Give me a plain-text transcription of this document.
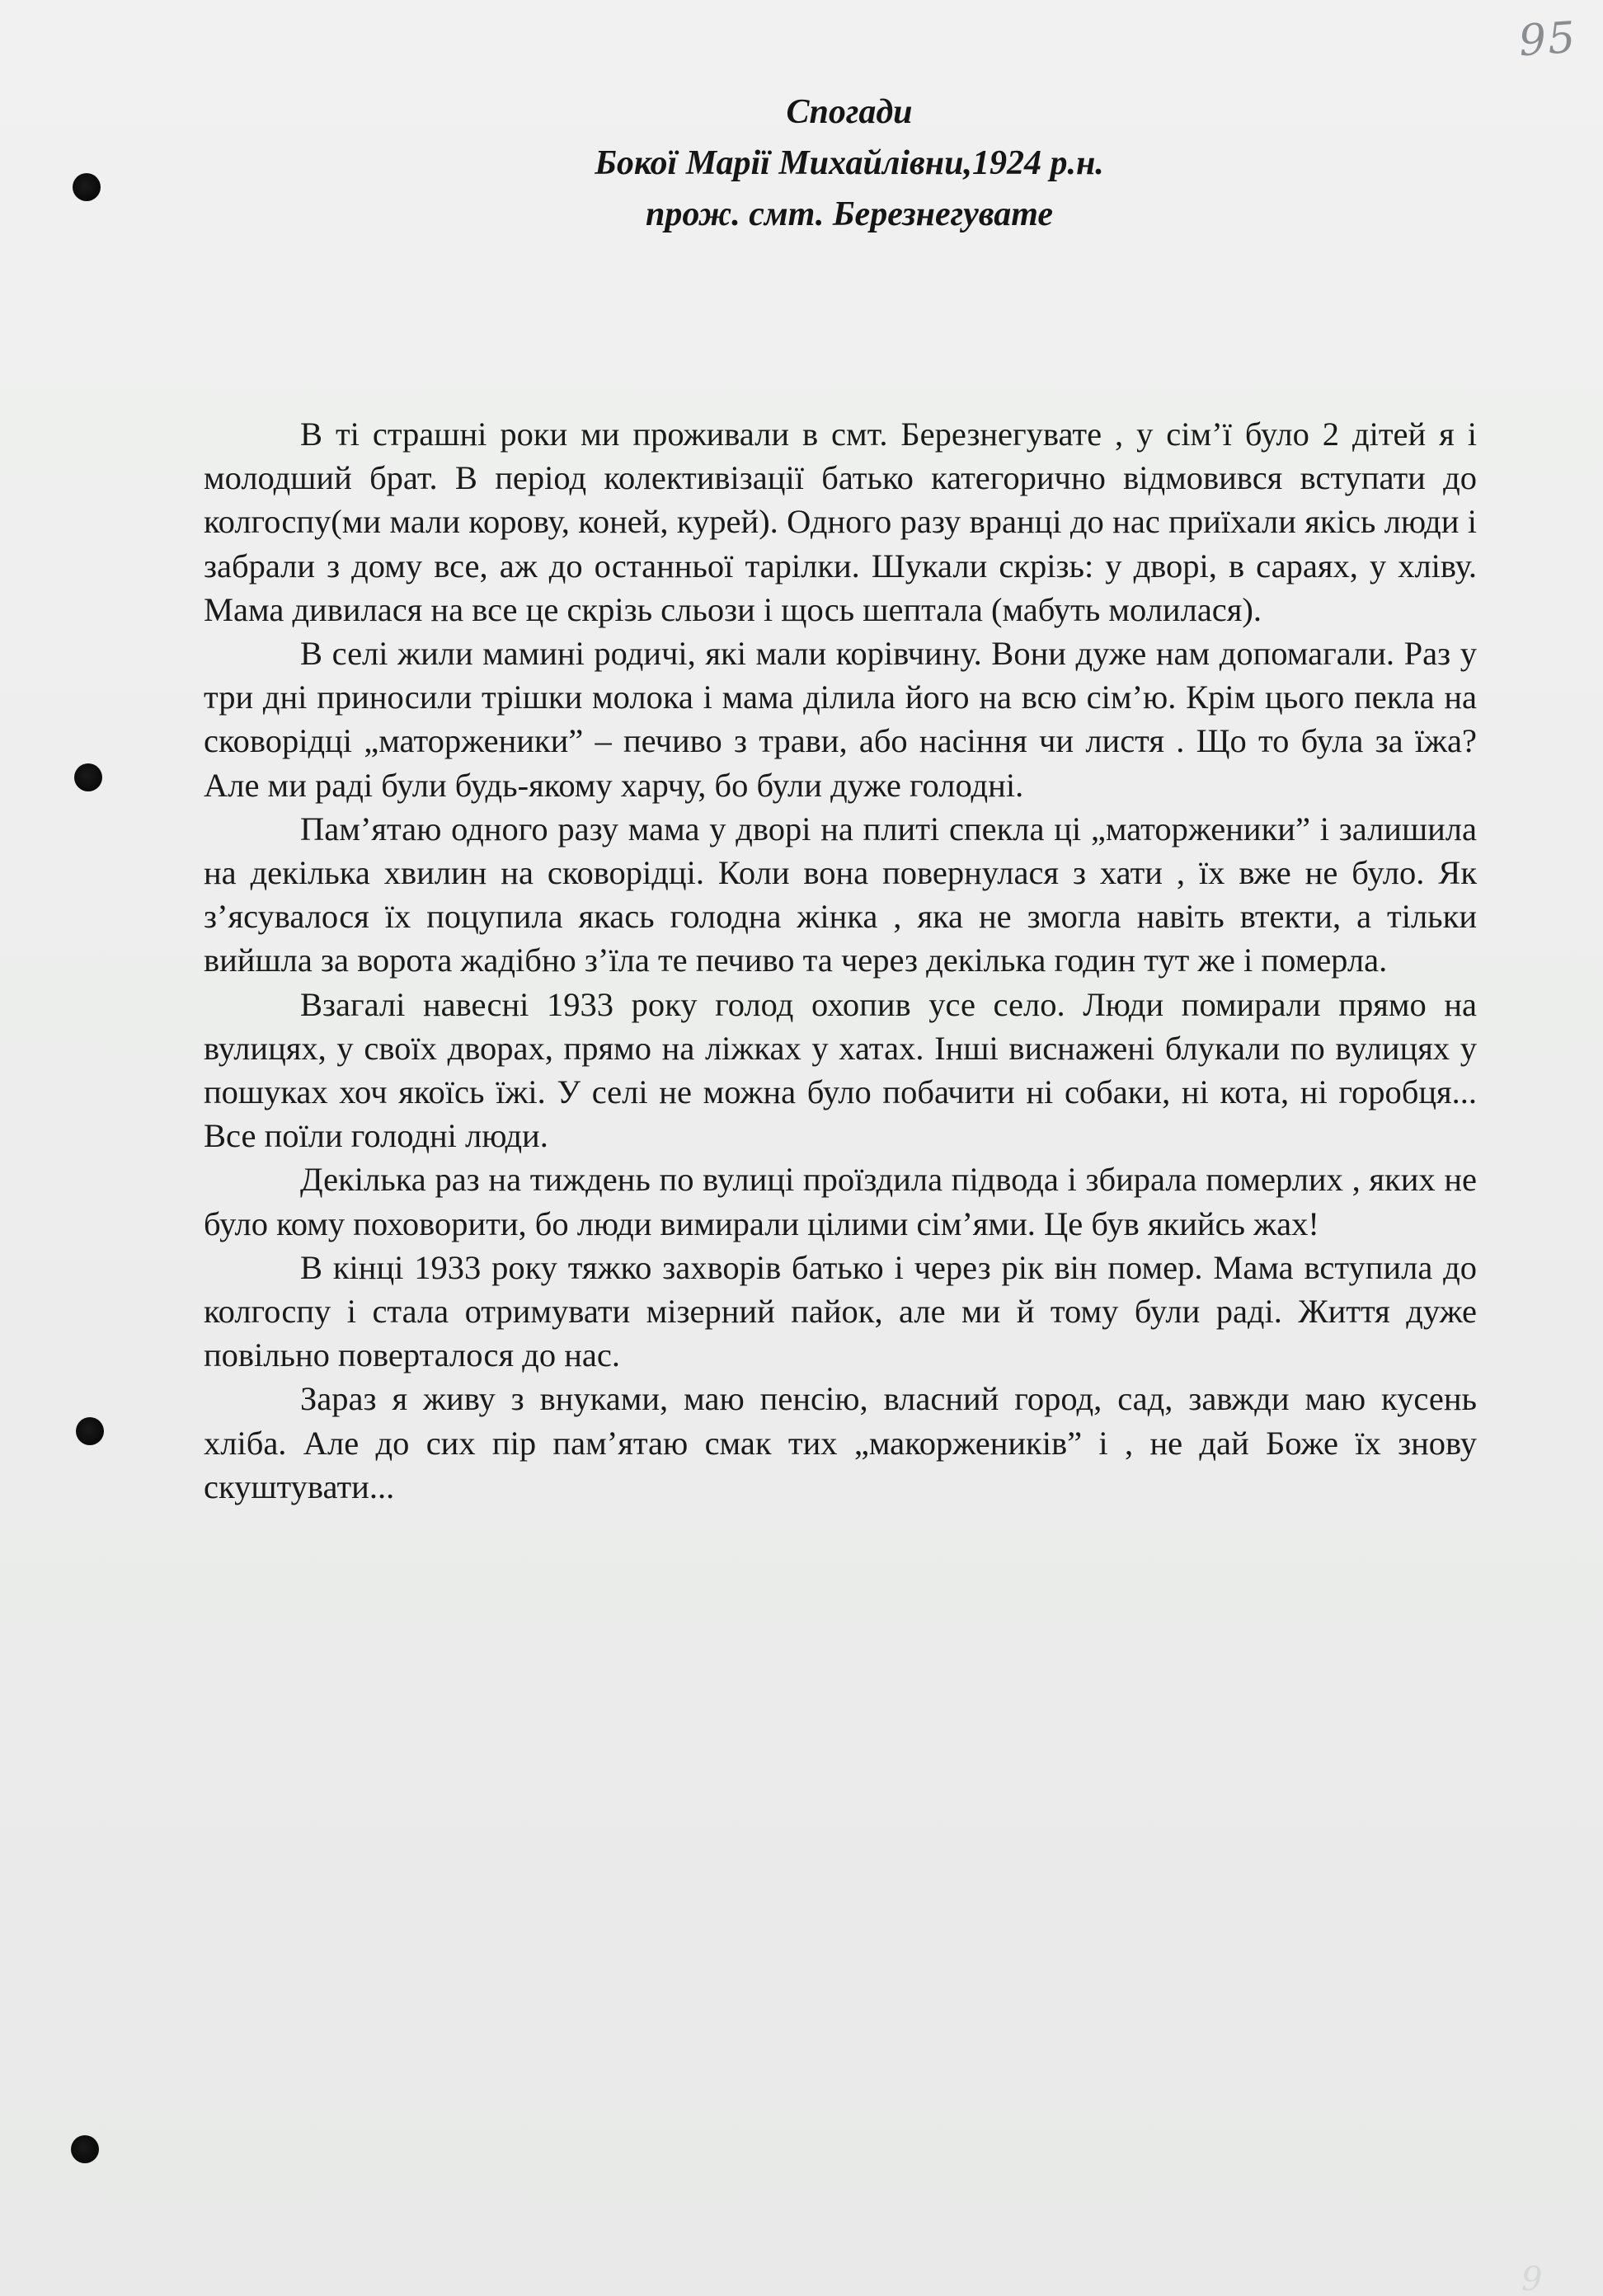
95
Спогади
Бокої Марії Михайлівни,1924 р.н.
прож. смт. Березнегувате

В ті страшні роки ми проживали в смт. Березнегувате , у сім’ї було 2 дітей я і молодший брат. В період колективізації батько категорично відмовився вступати до колгоспу(ми мали корову, коней, курей). Одного разу вранці до нас приїхали якісь люди і забрали з дому все, аж до останньої тарілки. Шукали скрізь: у дворі, в сараях, у хліву. Мама дивилася на все це скрізь сльози і щось шептала (мабуть молилася).

В селі жили мамині родичі, які мали корівчину. Вони дуже нам допомагали. Раз у три дні приносили трішки молока і мама ділила його на всю сім’ю. Крім цього пекла на сковорідці „маторженики” – печиво з трави, або насіння чи листя . Що то була за їжа? Але ми раді були будь-якому харчу, бо були дуже голодні.

Пам’ятаю одного разу мама у дворі на плиті спекла ці „маторженики” і залишила на декілька хвилин на сковорідці. Коли вона повернулася з хати , їх вже не було. Як з’ясувалося їх поцупила якась голодна жінка , яка не змогла навіть втекти, а тільки вийшла за ворота жадібно з’їла те печиво та через декілька годин тут же і померла.

Взагалі навесні 1933 року голод охопив усе село. Люди помирали прямо на вулицях, у своїх дворах, прямо на ліжках у хатах. Інші виснажені блукали по вулицях у пошуках хоч якоїсь їжі. У селі не можна було побачити ні собаки, ні кота, ні горобця... Все поїли голодні люди.

Декілька раз на тиждень по вулиці проїздила підвода і збирала померлих , яких не було кому поховорити, бо люди вимирали цілими сім’ями. Це був якийсь жах!

В кінці 1933 року тяжко захворів батько і через рік він помер. Мама вступила до колгоспу і стала отримувати мізерний пайок, але ми й тому були раді. Життя дуже повільно поверталося до нас.

Зараз я живу з внуками, маю пенсію, власний город, сад, завжди маю кусень хліба. Але до сих пір пам’ятаю смак тих „макорженикiв” і , не дай Боже їх знову скуштувати...

9
